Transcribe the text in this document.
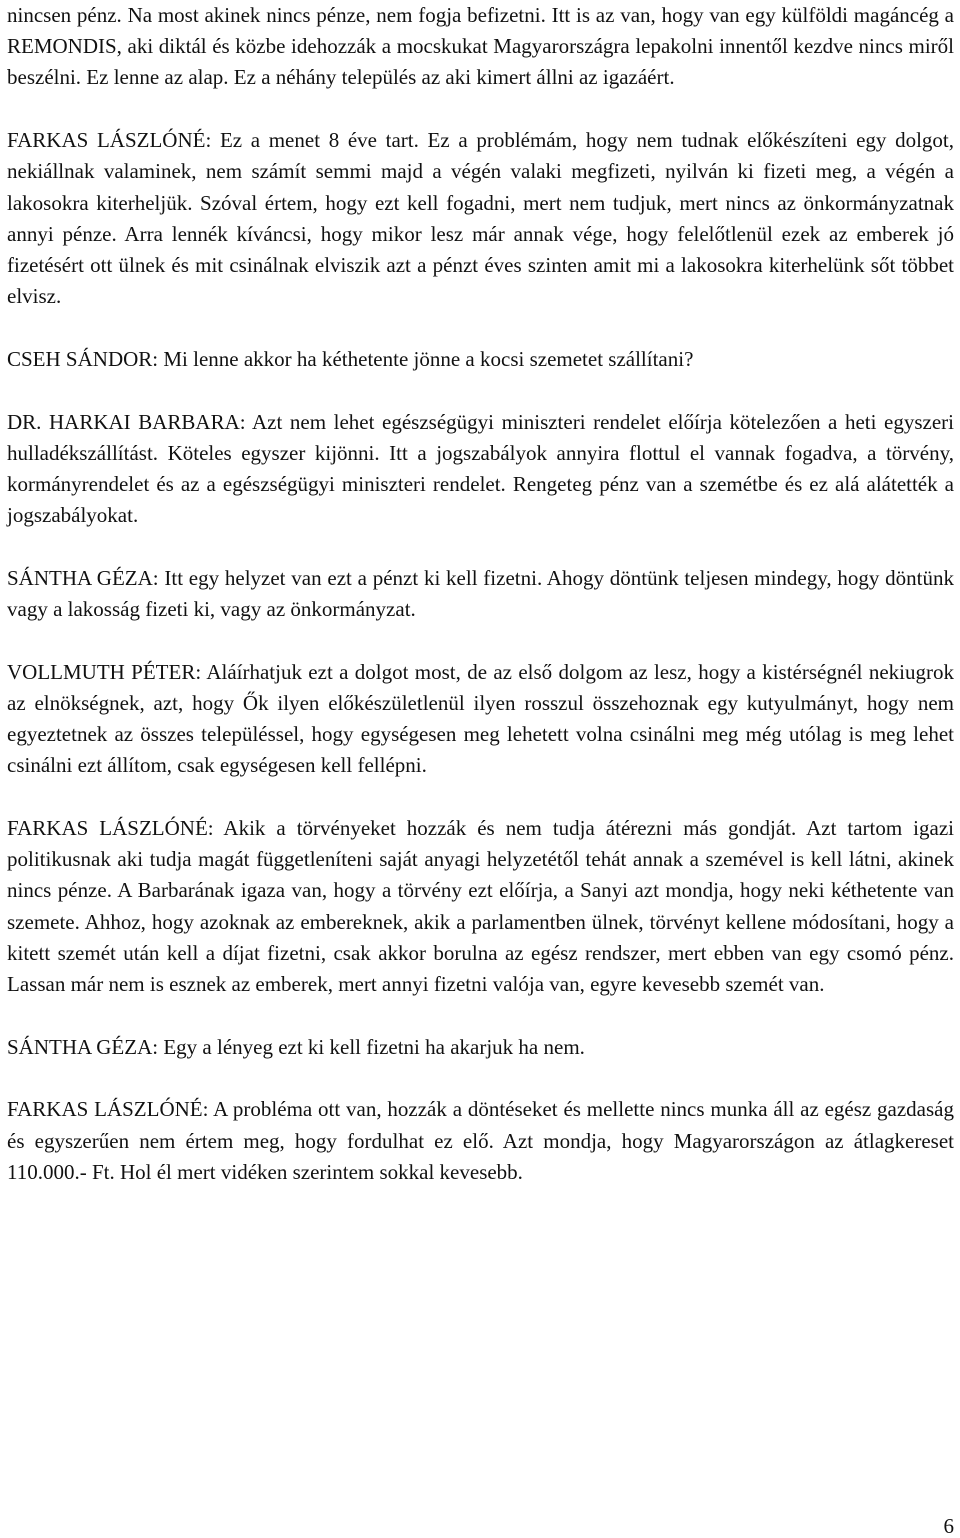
nincsen pénz. Na most akinek nincs pénze, nem fogja befizetni. Itt is az van, hogy van egy külföldi magáncég a REMONDIS, aki diktál és közbe idehozzák a mocskukat Magyarországra lepakolni innentől kezdve nincs miről beszélni. Ez lenne az alap. Ez a néhány település az aki kimert állni az igazáért.

FARKAS LÁSZLÓNÉ: Ez a menet 8 éve tart. Ez a problémám, hogy nem tudnak előkészíteni egy dolgot, nekiállnak valaminek, nem számít semmi majd a végén valaki megfizeti, nyilván ki fizeti meg, a végén a lakosokra kiterheljük. Szóval értem, hogy ezt kell fogadni, mert nem tudjuk, mert nincs az önkormányzatnak annyi pénze. Arra lennék kíváncsi, hogy mikor lesz már annak vége, hogy felelőtlenül ezek az emberek jó fizetésért ott ülnek és mit csinálnak elviszik azt a pénzt éves szinten amit mi a lakosokra kiterhelünk sőt többet elvisz.

CSEH SÁNDOR: Mi lenne akkor ha kéthetente jönne a kocsi szemetet szállítani?

DR. HARKAI BARBARA: Azt nem lehet egészségügyi miniszteri rendelet előírja kötelezően a heti egyszeri hulladékszállítást. Köteles egyszer kijönni. Itt a jogszabályok annyira flottul el vannak fogadva, a törvény, kormányrendelet és az a egészségügyi miniszteri rendelet. Rengeteg pénz van a szemétbe és ez alá alátették a jogszabályokat.

SÁNTHA GÉZA: Itt egy helyzet van ezt a pénzt ki kell fizetni. Ahogy döntünk teljesen mindegy, hogy döntünk vagy a lakosság fizeti ki, vagy az önkormányzat.

VOLLMUTH PÉTER: Aláírhatjuk ezt a dolgot most, de az első dolgom az lesz, hogy a kistérségnél nekiugrok az elnökségnek, azt, hogy Ők ilyen előkészületlenül ilyen rosszul összehoznak egy kutyulmányt, hogy nem egyeztetnek az összes településsel, hogy egységesen meg lehetett volna csinálni meg még utólag is meg lehet csinálni ezt állítom, csak egységesen kell fellépni.

FARKAS LÁSZLÓNÉ: Akik a törvényeket hozzák és nem tudja átérezni más gondját. Azt tartom igazi politikusnak aki tudja magát függetleníteni saját anyagi helyzetétől tehát annak a szemével is kell látni, akinek nincs pénze. A Barbarának igaza van, hogy a törvény ezt előírja, a Sanyi azt mondja, hogy neki kéthetente van szemete. Ahhoz, hogy azoknak az embereknek, akik a parlamentben ülnek, törvényt kellene módosítani, hogy a kitett szemét után kell a díjat fizetni, csak akkor borulna az egész rendszer, mert ebben van egy csomó pénz. Lassan már nem is esznek az emberek, mert annyi fizetni valója van, egyre kevesebb szemét van.

SÁNTHA GÉZA: Egy a lényeg ezt ki kell fizetni ha akarjuk ha nem.

FARKAS LÁSZLÓNÉ: A probléma ott van, hozzák a döntéseket és mellette nincs munka áll az egész gazdaság és egyszerűen nem értem meg, hogy fordulhat ez elő. Azt mondja, hogy Magyarországon az átlagkereset 110.000.- Ft. Hol él mert vidéken szerintem sokkal kevesebb.

6
